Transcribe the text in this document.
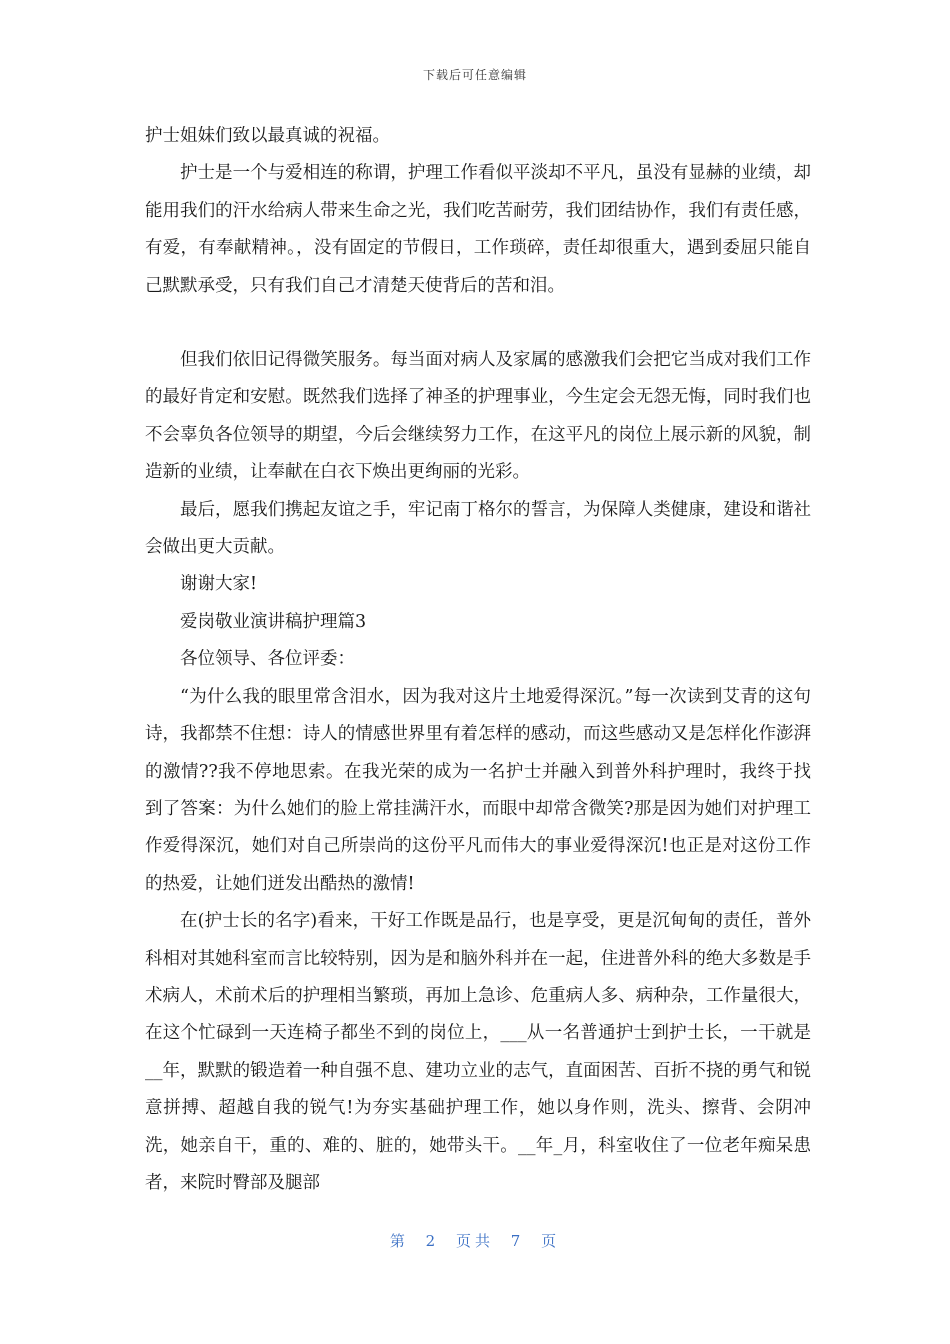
下载后可任意编辑

护士姐妹们致以最真诚的祝福。

护士是一个与爱相连的称谓，护理工作看似平淡却不平凡，虽没有显赫的业绩，却能用我们的汗水给病人带来生命之光，我们吃苦耐劳，我们团结协作，我们有责任感，有爱，有奉献精神。，没有固定的节假日，工作琐碎，责任却很重大，遇到委屈只能自己默默承受，只有我们自己才清楚天使背后的苦和泪。

但我们依旧记得微笑服务。每当面对病人及家属的感激我们会把它当成对我们工作的最好肯定和安慰。既然我们选择了神圣的护理事业，今生定会无怨无悔，同时我们也不会辜负各位领导的期望，今后会继续努力工作，在这平凡的岗位上展示新的风貌，制造新的业绩，让奉献在白衣下焕出更绚丽的光彩。

最后，愿我们携起友谊之手，牢记南丁格尔的誓言，为保障人类健康，建设和谐社会做出更大贡献。

谢谢大家!

爱岗敬业演讲稿护理篇3

各位领导、各位评委：

“为什么我的眼里常含泪水，因为我对这片土地爱得深沉。”每一次读到艾青的这句诗，我都禁不住想：诗人的情感世界里有着怎样的感动，而这些感动又是怎样化作澎湃的激情??我不停地思索。在我光荣的成为一名护士并融入到普外科护理时，我终于找到了答案：为什么她们的脸上常挂满汗水，而眼中却常含微笑?那是因为她们对护理工作爱得深沉，她们对自己所崇尚的这份平凡而伟大的事业爱得深沉!也正是对这份工作的热爱，让她们迸发出酷热的激情!

在(护士长的名字)看来，干好工作既是品行，也是享受，更是沉甸甸的责任，普外科相对其她科室而言比较特别，因为是和脑外科并在一起，住进普外科的绝大多数是手术病人，术前术后的护理相当繁琐，再加上急诊、危重病人多、病种杂，工作量很大，在这个忙碌到一天连椅子都坐不到的岗位上，___从一名普通护士到护士长，一干就是__年，默默的锻造着一种自强不息、建功立业的志气，直面困苦、百折不挠的勇气和锐意拼搏、超越自我的锐气!为夯实基础护理工作，她以身作则，洗头、擦背、会阴冲洗，她亲自干，重的、难的、脏的，她带头干。__年_月，科室收住了一位老年痴呆患者，来院时臀部及腿部

第 2 页共 7 页
